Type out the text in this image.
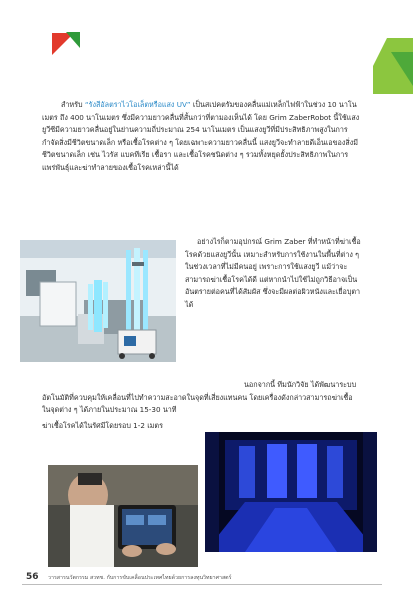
สำหรับ “รังสีอัลตราไวโอเล็ตหรือแสง UV” เป็นสเปคตรัมของคลื่นแม่เหล็กไฟฟ้าในช่วง 10 นาโนเมตร ถึง 400 นาโนเมตร ซึ่งมีความยาวคลื่นที่สั้นกว่าที่ตามองเห็นได้ โดย Grim ZaberRobot นี้ใช้แสงยูวีซีมีความยาวคลื่นอยู่ในย่านความถี่ประมาณ 254 นาโนเมตร เป็นแสงยูวีที่มีประสิทธิภาพสูงในการกำจัดสิ่งมีชีวิตขนาดเล็ก หรือเชื้อโรคต่าง ๆ โดยเฉพาะความยาวคลื่นนี้ แสงยูวีจะทำลายดีเอ็นเอของสิ่งมีชีวิตขนาดเล็ก เช่น ไวรัส แบคทีเรีย เชื้อรา และเชื้อโรคชนิดต่าง ๆ รวมทั้งหยุดยั้งประสิทธิภาพในการแพร่พันธุ์และฆ่าทำลายของเชื้อโรคเหล่านี้ได้
อย่างไรก็ตามอุปกรณ์ Grim Zaber ที่ทำหน้าที่ฆ่าเชื้อโรคด้วยแสงยูวีนั้น เหมาะสำหรับการใช้งานในพื้นที่ต่าง ๆ ในช่วงเวลาที่ไม่มีคนอยู่ เพราะการใช้แสงยูวี แม้ว่าจะสามารถฆ่าเชื้อโรคได้ดี แต่หากนำไปใช้ไม่ถูกวิธีอาจเป็นอันตรายต่อคนที่ได้สัมผัส ซึ่งจะมีผลต่อผิวหนังและเยื่อบุตาได้
นอกจากนี้ ทีมนักวิจัย ได้พัฒนาระบบ
อัตโนมัติที่ควบคุมให้เคลื่อนที่ไปทำความสะอาดในจุดที่เสี่ยงแทนคน โดยเครื่องดังกล่าวสามารถฆ่าเชื้อในจุดต่าง ๆ ได้ภายในประมาณ 15-30 นาที
ฆ่าเชื้อโรคได้ในรัศมีโดยรอบ 1-2 เมตร
56 วารสารนวัตกรรม สวทช. กับการขับเคลื่อนประเทศไทยด้วยการลงทุนวิทยาศาสตร์
